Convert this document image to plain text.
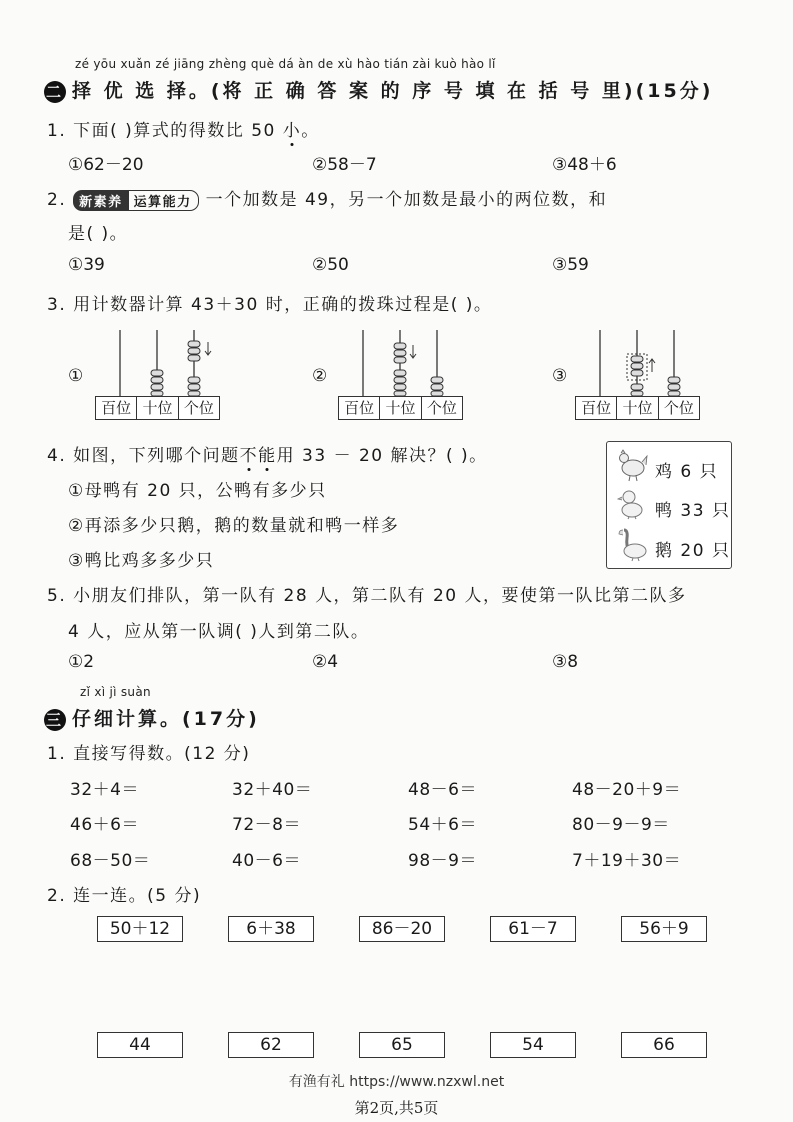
zé yōu xuǎn zé jiāng zhèng què dá àn de xù hào tián zài kuò hào lǐ
二 择 优 选 择。(将 正 确 答 案 的 序 号 填 在 括 号 里)(15分)
1. 下面( )算式的得数比 50 小。
①62－20	②58－7	③48＋6
2. 新素养 运算能力 一个加数是 49，另一个加数是最小的两位数，和
是( )。
①39	②50	③59
3. 用计数器计算 43＋30 时，正确的拨珠过程是( )。
①
百位 十位 个位
②
百位 十位 个位
③
百位 十位 个位
4. 如图，下列哪个问题不能用 33 － 20 解决？( )。
①母鸭有 20 只，公鸭有多少只
②再添多少只鹅，鹅的数量就和鸭一样多
③鸭比鸡多多少只
鸡 6 只
鸭 33 只
鹅 20 只
5. 小朋友们排队，第一队有 28 人，第二队有 20 人，要使第一队比第二队多
4 人，应从第一队调( )人到第二队。
①2	②4	③8
zǐ xì jì suàn
三 仔细计算。(17分)
1. 直接写得数。(12 分)
32＋4＝	32＋40＝	48－6＝	48－20＋9＝
46＋6＝	72－8＝	54＋6＝	80－9－9＝
68－50＝	40－6＝	98－9＝	7＋19＋30＝
2. 连一连。(5 分)
50＋12	6＋38	86－20	61－7	56＋9
44	62	65	54	66
有渔有礼 https://www.nzxwl.net
第2页,共5页
